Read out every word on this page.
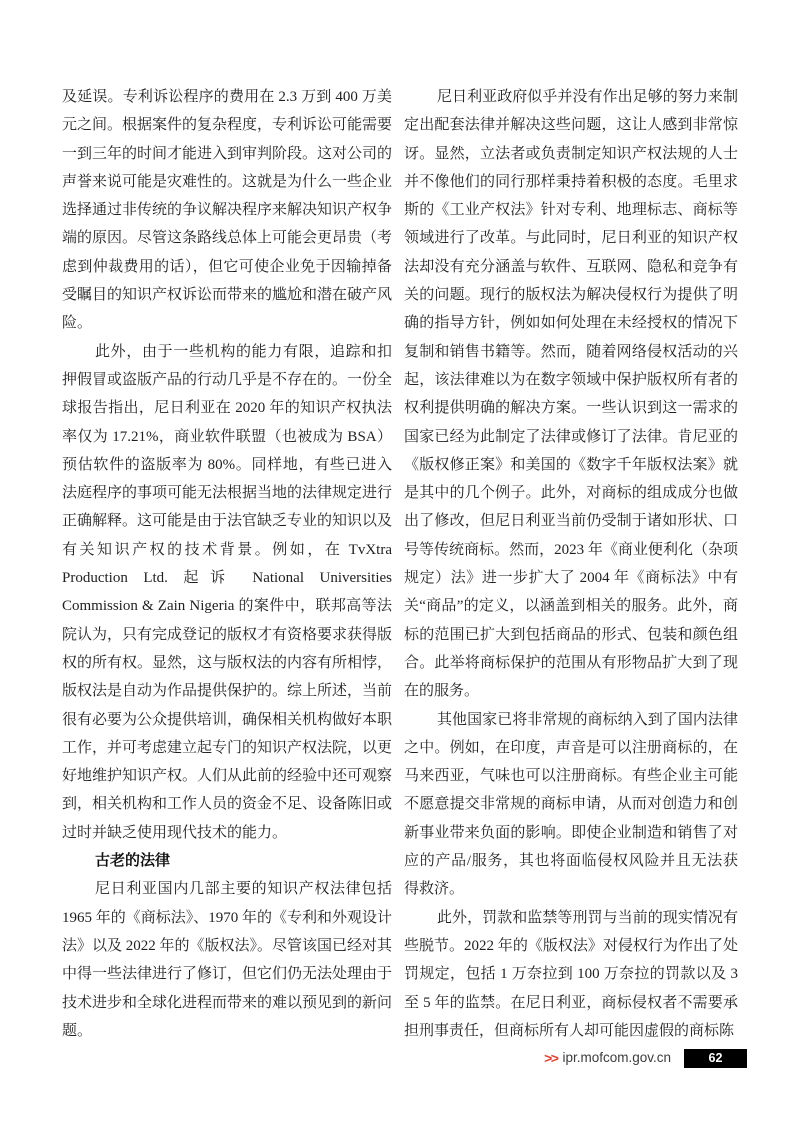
及延误。专利诉讼程序的费用在 2.3 万到 400 万美元之间。根据案件的复杂程度，专利诉讼可能需要一到三年的时间才能进入到审判阶段。这对公司的声誉来说可能是灾难性的。这就是为什么一些企业选择通过非传统的争议解决程序来解决知识产权争端的原因。尽管这条路线总体上可能会更昂贵（考虑到仲裁费用的话），但它可使企业免于因输掉备受瞩目的知识产权诉讼而带来的尴尬和潜在破产风险。

此外，由于一些机构的能力有限，追踪和扣押假冒或盗版产品的行动几乎是不存在的。一份全球报告指出，尼日利亚在 2020 年的知识产权执法率仅为 17.21%，商业软件联盟（也被成为 BSA）预估软件的盗版率为 80%。同样地，有些已进入法庭程序的事项可能无法根据当地的法律规定进行正确解释。这可能是由于法官缺乏专业的知识以及有关知识产权的技术背景。例如，在 TvXtra Production Ltd. 起诉 National Universities Commission & Zain Nigeria 的案件中，联邦高等法院认为，只有完成登记的版权才有资格要求获得版权的所有权。显然，这与版权法的内容有所相悖，版权法是自动为作品提供保护的。综上所述，当前很有必要为公众提供培训，确保相关机构做好本职工作，并可考虑建立起专门的知识产权法院，以更好地维护知识产权。人们从此前的经验中还可观察到，相关机构和工作人员的资金不足、设备陈旧或过时并缺乏使用现代技术的能力。

古老的法律

尼日利亚国内几部主要的知识产权法律包括 1965 年的《商标法》、1970 年的《专利和外观设计法》以及 2022 年的《版权法》。尽管该国已经对其中得一些法律进行了修订，但它们仍无法处理由于技术进步和全球化进程而带来的难以预见到的新问题。

尼日利亚政府似乎并没有作出足够的努力来制定出配套法律并解决这些问题，这让人感到非常惊讶。显然，立法者或负责制定知识产权法规的人士并不像他们的同行那样秉持着积极的态度。毛里求斯的《工业产权法》针对专利、地理标志、商标等领域进行了改革。与此同时，尼日利亚的知识产权法却没有充分涵盖与软件、互联网、隐私和竞争有关的问题。现行的版权法为解决侵权行为提供了明确的指导方针，例如如何处理在未经授权的情况下复制和销售书籍等。然而，随着网络侵权活动的兴起，该法律难以为在数字领域中保护版权所有者的权利提供明确的解决方案。一些认识到这一需求的国家已经为此制定了法律或修订了法律。肯尼亚的《版权修正案》和美国的《数字千年版权法案》就是其中的几个例子。此外，对商标的组成成分也做出了修改，但尼日利亚当前仍受制于诸如形状、口号等传统商标。然而，2023 年《商业便利化（杂项规定）法》进一步扩大了 2004 年《商标法》中有关“商品”的定义，以涵盖到相关的服务。此外，商标的范围已扩大到包括商品的形式、包装和颜色组合。此举将商标保护的范围从有形物品扩大到了现在的服务。

其他国家已将非常规的商标纳入到了国内法律之中。例如，在印度，声音是可以注册商标的，在马来西亚，气味也可以注册商标。有些企业主可能不愿意提交非常规的商标申请，从而对创造力和创新事业带来负面的影响。即使企业制造和销售了对应的产品/服务，其也将面临侵权风险并且无法获得救济。

此外，罚款和监禁等刑罚与当前的现实情况有些脱节。2022 年的《版权法》对侵权行为作出了处罚规定，包括 1 万奈拉到 100 万奈拉的罚款以及 3 至 5 年的监禁。在尼日利亚，商标侵权者不需要承担刑事责任，但商标所有人却可能因虚假的商标陈

>> ipr.mofcom.gov.cn	62
